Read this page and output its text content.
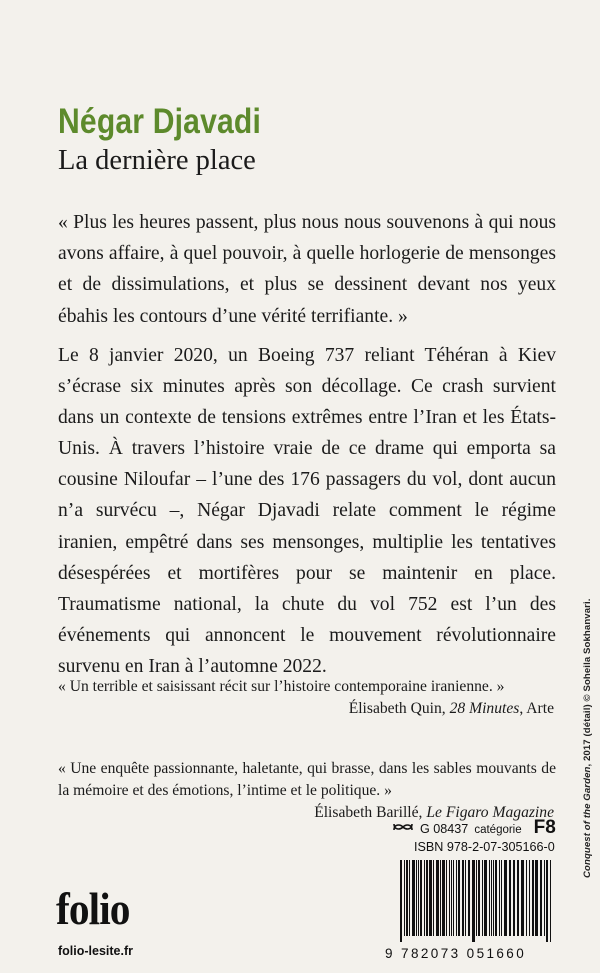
Négar Djavadi
La dernière place
« Plus les heures passent, plus nous nous souvenons à qui nous avons affaire, à quel pouvoir, à quelle horlogerie de mensonges et de dissimulations, et plus se dessinent devant nos yeux ébahis les contours d’une vérité terrifiante. »
Le 8 janvier 2020, un Boeing 737 reliant Téhéran à Kiev s’écrase six minutes après son décollage. Ce crash survient dans un contexte de tensions extrêmes entre l’Iran et les États-Unis. À travers l’histoire vraie de ce drame qui emporta sa cousine Niloufar – l’une des 176 passagers du vol, dont aucun n’a survécu –, Négar Djavadi relate comment le régime iranien, empêtré dans ses mensonges, multiplie les tentatives désespérées et mortifères pour se maintenir en place. Traumatisme national, la chute du vol 752 est l’un des événements qui annoncent le mouvement révolutionnaire survenu en Iran à l’automne 2022.
« Un terrible et saisissant récit sur l’histoire contemporaine iranienne. »
Élisabeth Quin, 28 Minutes, Arte
« Une enquête passionnante, haletante, qui brasse, dans les sables mouvants de la mémoire et des émotions, l’intime et le politique. »
Élisabeth Barillé, Le Figaro Magazine	Conquest of the Garden, 2017 (détail) © Soheila Sokhanvari.
G 08437 catégorie F8
ISBN 978-2-07-305166-0
9 782073 051660
folio
folio-lesite.fr
